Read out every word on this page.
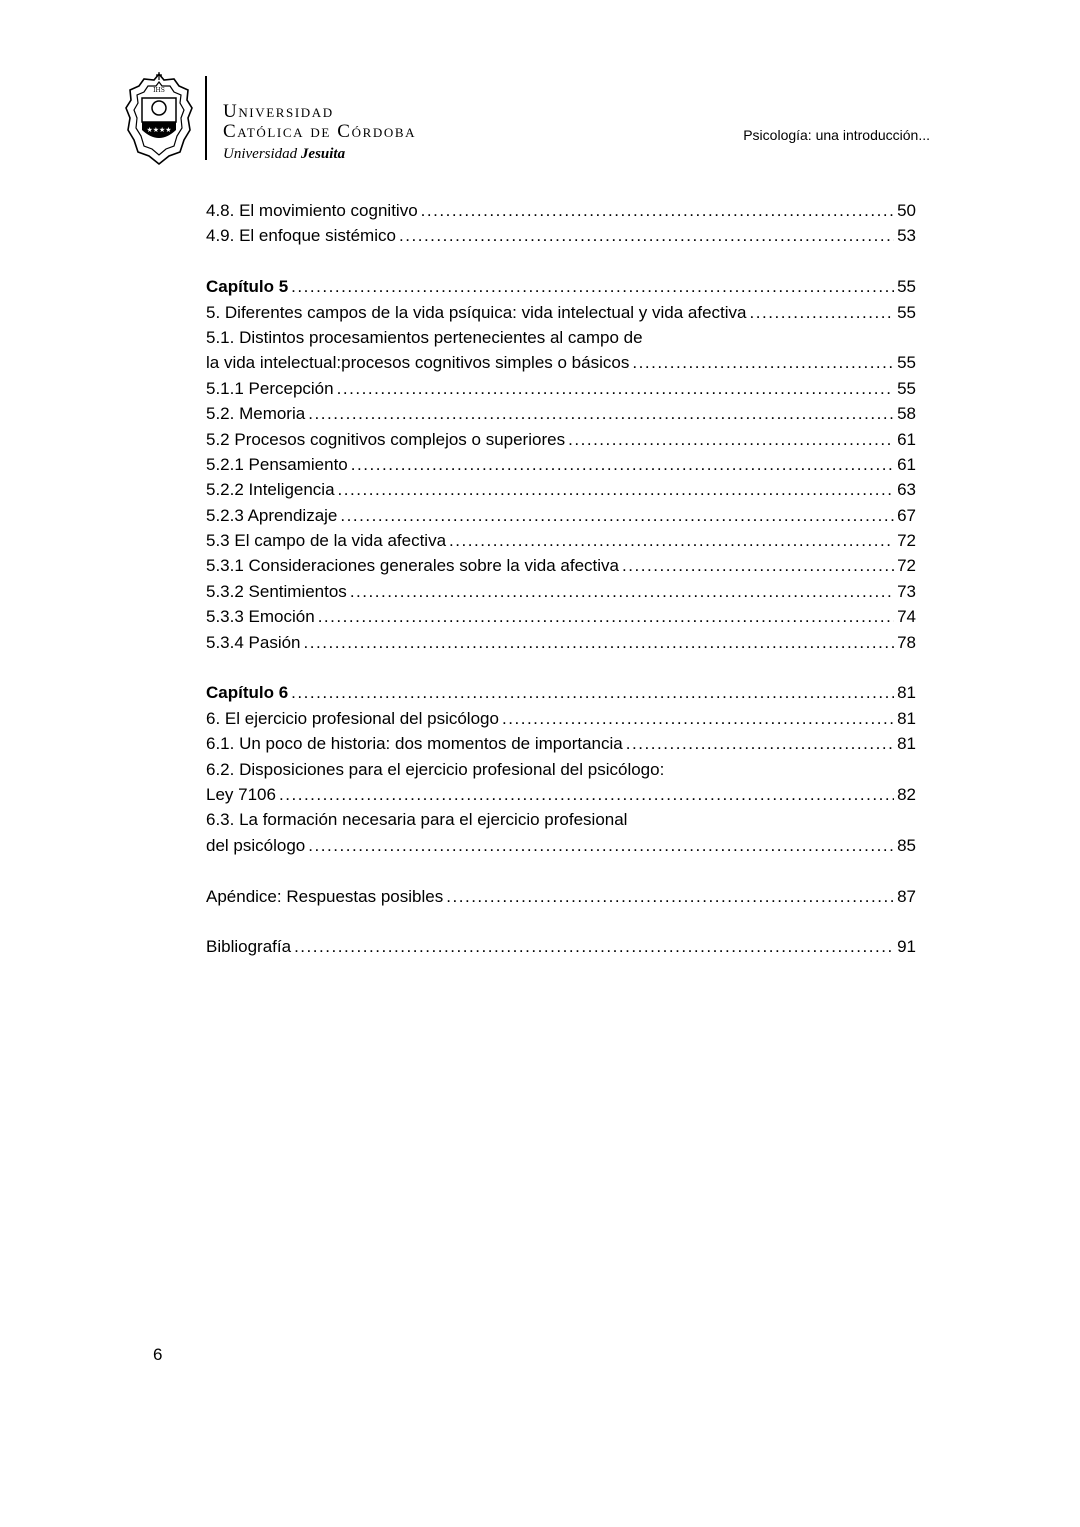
★★★★
IHS
Universidad
Católica de Córdoba
Universidad Jesuita
Psicología: una introducción...
4.8. El movimiento cognitivo . . .	50
4.9. El enfoque sistémico . . .	53
Capítulo 5 . . .	55
5. Diferentes campos de la vida psíquica: vida intelectual y vida afectiva . . .	55
5.1. Distintos procesamientos pertenecientes al campo de
la vida intelectual:procesos cognitivos simples o básicos . . .	55
5.1.1 Percepción . . .	55
5.2. Memoria . . .	58
5.2 Procesos cognitivos complejos o superiores . . .	61
5.2.1 Pensamiento . . .	61
5.2.2 Inteligencia . . .	63
5.2.3 Aprendizaje . . .	67
5.3 El campo de la vida afectiva . . .	72
5.3.1 Consideraciones generales sobre la vida afectiva . . .	72
5.3.2 Sentimientos . . .	73
5.3.3 Emoción . . .	74
5.3.4 Pasión . . .	78
Capítulo 6 . . .	81
6. El ejercicio profesional del psicólogo . . .	81
6.1. Un poco de historia: dos momentos de importancia . . .	81
6.2. Disposiciones para el ejercicio profesional del psicólogo:
Ley 7106 . . .	82
6.3. La formación necesaria para el ejercicio profesional
del psicólogo . . .	85
Apéndice: Respuestas posibles . . .	87
Bibliografía . . .	91
6
